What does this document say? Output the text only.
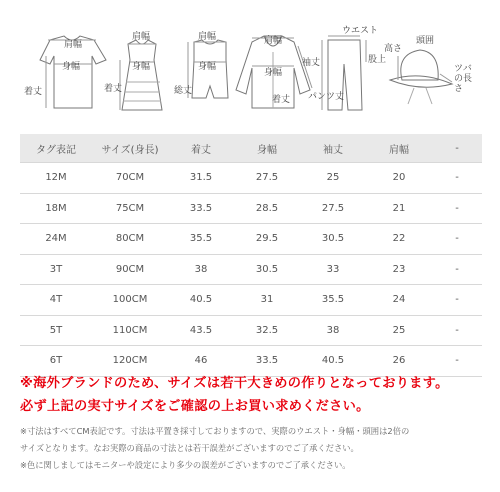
肩幅
身幅
着丈
肩幅
身幅
着丈
肩幅
身幅
総丈
肩幅
身幅
袖丈
着丈
ウエスト
股上
パンツ丈
高さ
頭囲
ツバの長さ
タグ表記	サイズ(身長)	着丈	身幅	袖丈	肩幅	-
12M	70CM	31.5	27.5	25	20	-
18M	75CM	33.5	28.5	27.5	21	-
24M	80CM	35.5	29.5	30.5	22	-
3T	90CM	38	30.5	33	23	-
4T	100CM	40.5	31	35.5	24	-
5T	110CM	43.5	32.5	38	25	-
6T	120CM	46	33.5	40.5	26	-
※海外ブランドのため、サイズは若干大きめの作りとなっております。
必ず上記の実寸サイズをご確認の上お買い求めください。
※寸法はすべてCM表記です。寸法は平置き採寸しておりますので、実際のウエスト・身幅・頭囲は2倍の
サイズとなります。なお実際の商品の寸法とは若干誤差がございますのでご了承ください。
※色に関しましてはモニターや設定により多少の誤差がございますのでご了承ください。
